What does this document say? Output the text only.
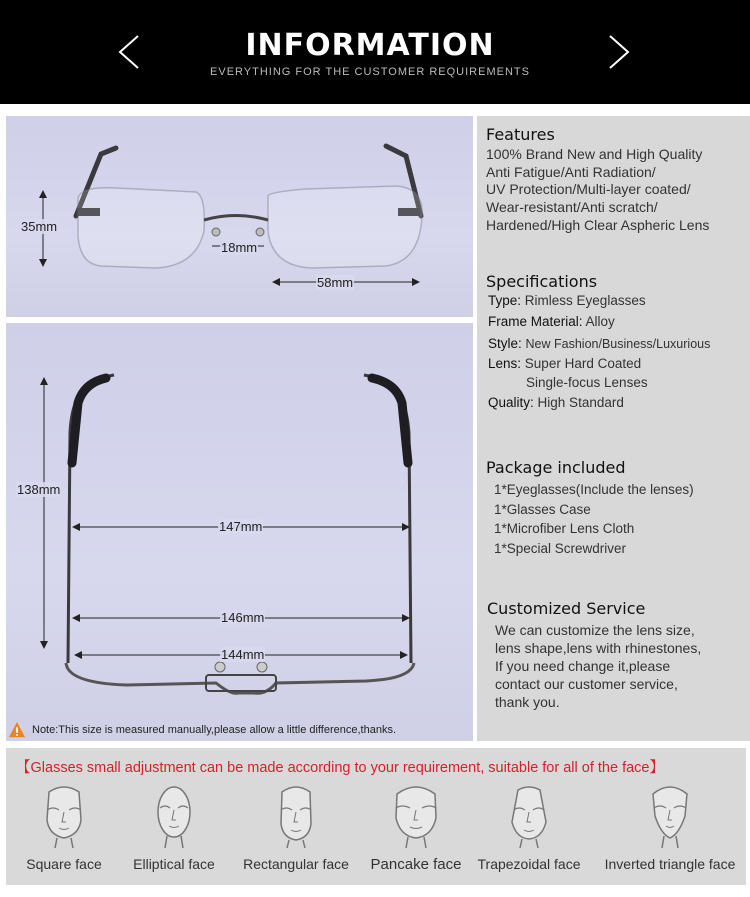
INFORMATION
EVERYTHING FOR THE CUSTOMER REQUIREMENTS
35mm
18mm
58mm
138mm
147mm
146mm
144mm
Note:This size is measured manually,please allow a little difference,thanks.
Features
100% Brand New and High Quality
Anti Fatigue/Anti Radiation/
UV Protection/Multi-layer coated/
Wear-resistant/Anti scratch/
Hardened/High Clear Aspheric Lens
Specifications
Type: Rimless Eyeglasses
Frame Material: Alloy
Style: New Fashion/Business/Luxurious
Lens: Super Hard Coated
Single-focus Lenses
Quality: High Standard
Package included
1*Eyeglasses(Include the lenses)
1*Glasses Case
1*Microfiber Lens Cloth
1*Special Screwdriver
Customized Service
We can customize the lens size,
lens shape,lens with rhinestones,
If you need change it,please
contact our customer service,
thank you.
【Glasses small adjustment can be made according to your requirement, suitable for all of the face】
Square face	Elliptical face	Rectangular face	Pancake face	Trapezoidal face	Inverted triangle face
